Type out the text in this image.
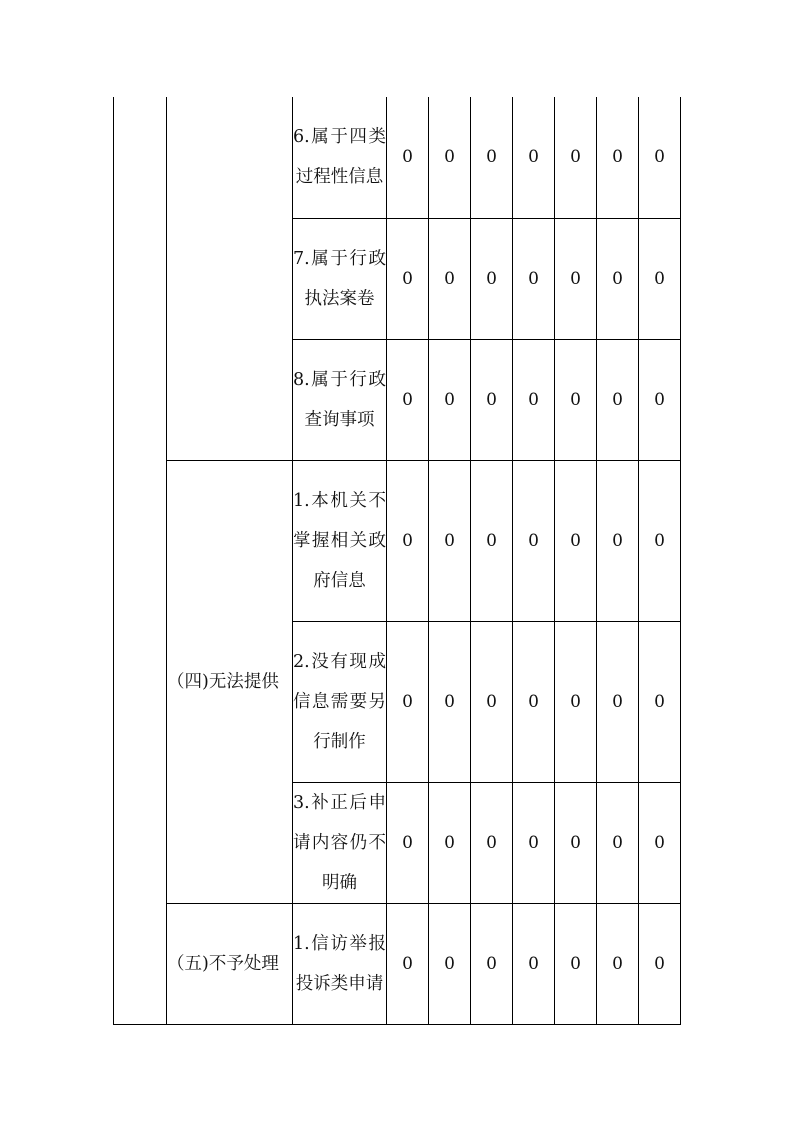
		6.属于四类过程性信息	0	0	0	0	0	0	0
		7.属于行政执法案卷	0	0	0	0	0	0	0
		8.属于行政查询事项	0	0	0	0	0	0	0
	（四)无法提供	1.本机关不掌握相关政府信息	0	0	0	0	0	0	0
		2.没有现成信息需要另行制作	0	0	0	0	0	0	0
		3.补正后申请内容仍不明确	0	0	0	0	0	0	0
	（五)不予处理	1.信访举报投诉类申请	0	0	0	0	0	0	0
